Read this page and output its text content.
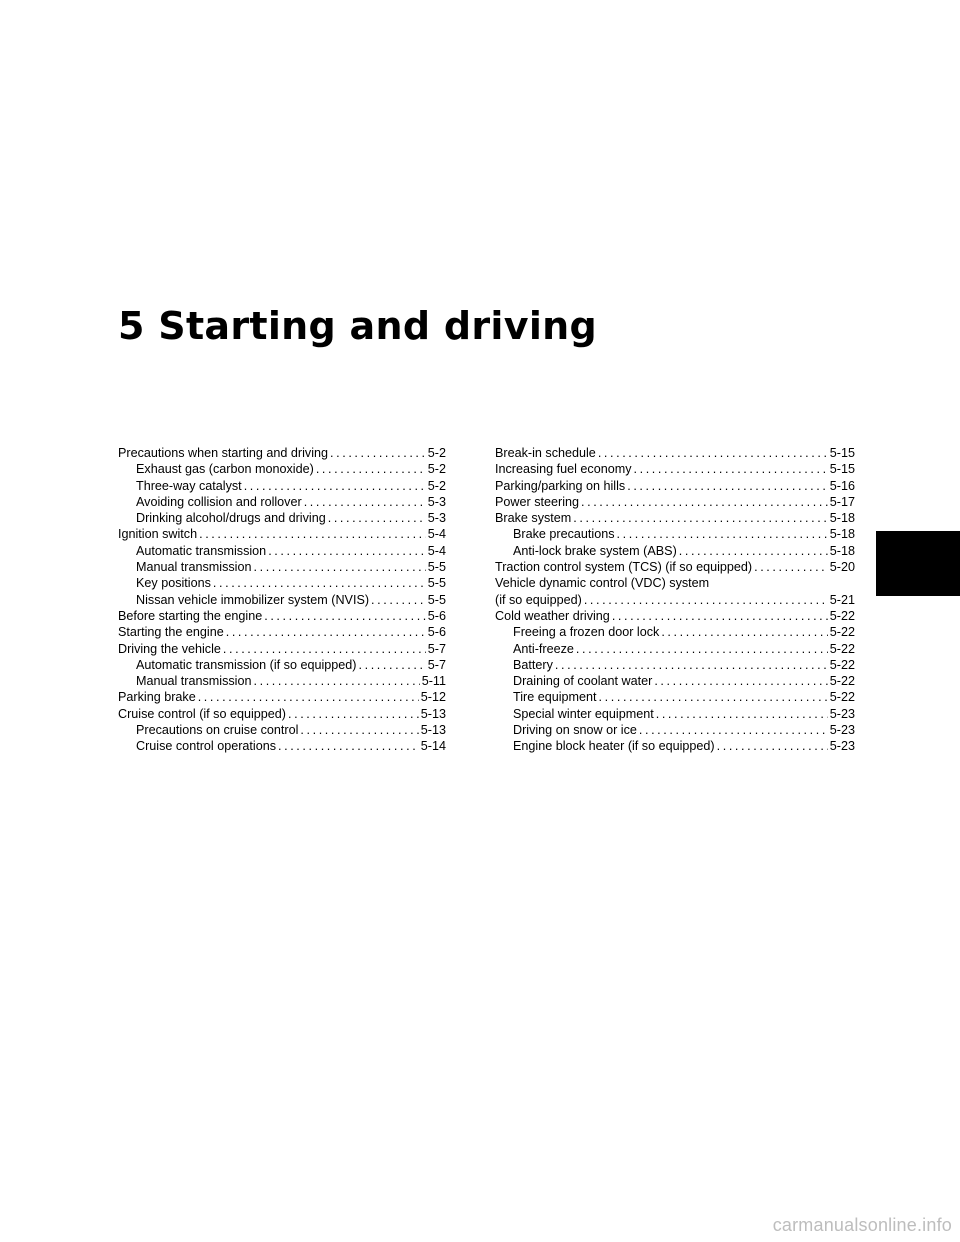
5 Starting and driving
Precautions when starting and driving .....	5-2
Exhaust gas (carbon monoxide) .....	5-2
Three-way catalyst .....	5-2
Avoiding collision and rollover .....	5-3
Drinking alcohol/drugs and driving .....	5-3
Ignition switch .....	5-4
Automatic transmission .....	5-4
Manual transmission .....	5-5
Key positions .....	5-5
Nissan vehicle immobilizer system (NVIS) .....	5-5
Before starting the engine .....	5-6
Starting the engine .....	5-6
Driving the vehicle .....	5-7
Automatic transmission (if so equipped) .....	5-7
Manual transmission .....	5-11
Parking brake .....	5-12
Cruise control (if so equipped) .....	5-13
Precautions on cruise control .....	5-13
Cruise control operations .....	5-14
Break-in schedule .....	5-15
Increasing fuel economy .....	5-15
Parking/parking on hills .....	5-16
Power steering .....	5-17
Brake system .....	5-18
Brake precautions .....	5-18
Anti-lock brake system (ABS) .....	5-18
Traction control system (TCS) (if so equipped) .....	5-20
Vehicle dynamic control (VDC) system
(if so equipped) .....	5-21
Cold weather driving .....	5-22
Freeing a frozen door lock .....	5-22
Anti-freeze .....	5-22
Battery .....	5-22
Draining of coolant water .....	5-22
Tire equipment .....	5-22
Special winter equipment .....	5-23
Driving on snow or ice .....	5-23
Engine block heater (if so equipped) .....	5-23
carmanualsonline.info
